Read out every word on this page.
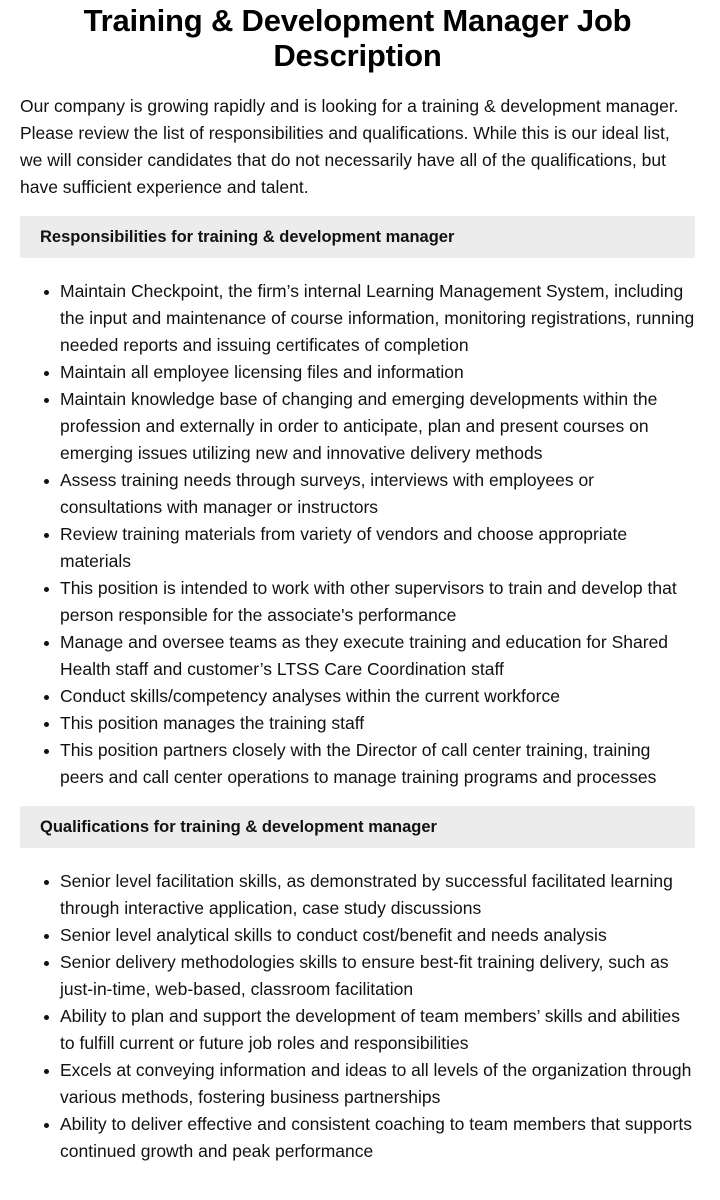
Training & Development Manager Job Description

Our company is growing rapidly and is looking for a training & development manager. Please review the list of responsibilities and qualifications. While this is our ideal list, we will consider candidates that do not necessarily have all of the qualifications, but have sufficient experience and talent.

Responsibilities for training & development manager
Maintain Checkpoint, the firm’s internal Learning Management System, including the input and maintenance of course information, monitoring registrations, running needed reports and issuing certificates of completion
Maintain all employee licensing files and information
Maintain knowledge base of changing and emerging developments within the profession and externally in order to anticipate, plan and present courses on emerging issues utilizing new and innovative delivery methods
Assess training needs through surveys, interviews with employees or consultations with manager or instructors
Review training materials from variety of vendors and choose appropriate materials
This position is intended to work with other supervisors to train and develop that person responsible for the associate's performance
Manage and oversee teams as they execute training and education for Shared Health staff and customer’s LTSS Care Coordination staff
Conduct skills/competency analyses within the current workforce
This position manages the training staff
This position partners closely with the Director of call center training, training peers and call center operations to manage training programs and processes
Qualifications for training & development manager
Senior level facilitation skills, as demonstrated by successful facilitated learning through interactive application, case study discussions
Senior level analytical skills to conduct cost/benefit and needs analysis
Senior delivery methodologies skills to ensure best-fit training delivery, such as just-in-time, web-based, classroom facilitation
Ability to plan and support the development of team members’ skills and abilities to fulfill current or future job roles and responsibilities
Excels at conveying information and ideas to all levels of the organization through various methods, fostering business partnerships
Ability to deliver effective and consistent coaching to team members that supports continued growth and peak performance
